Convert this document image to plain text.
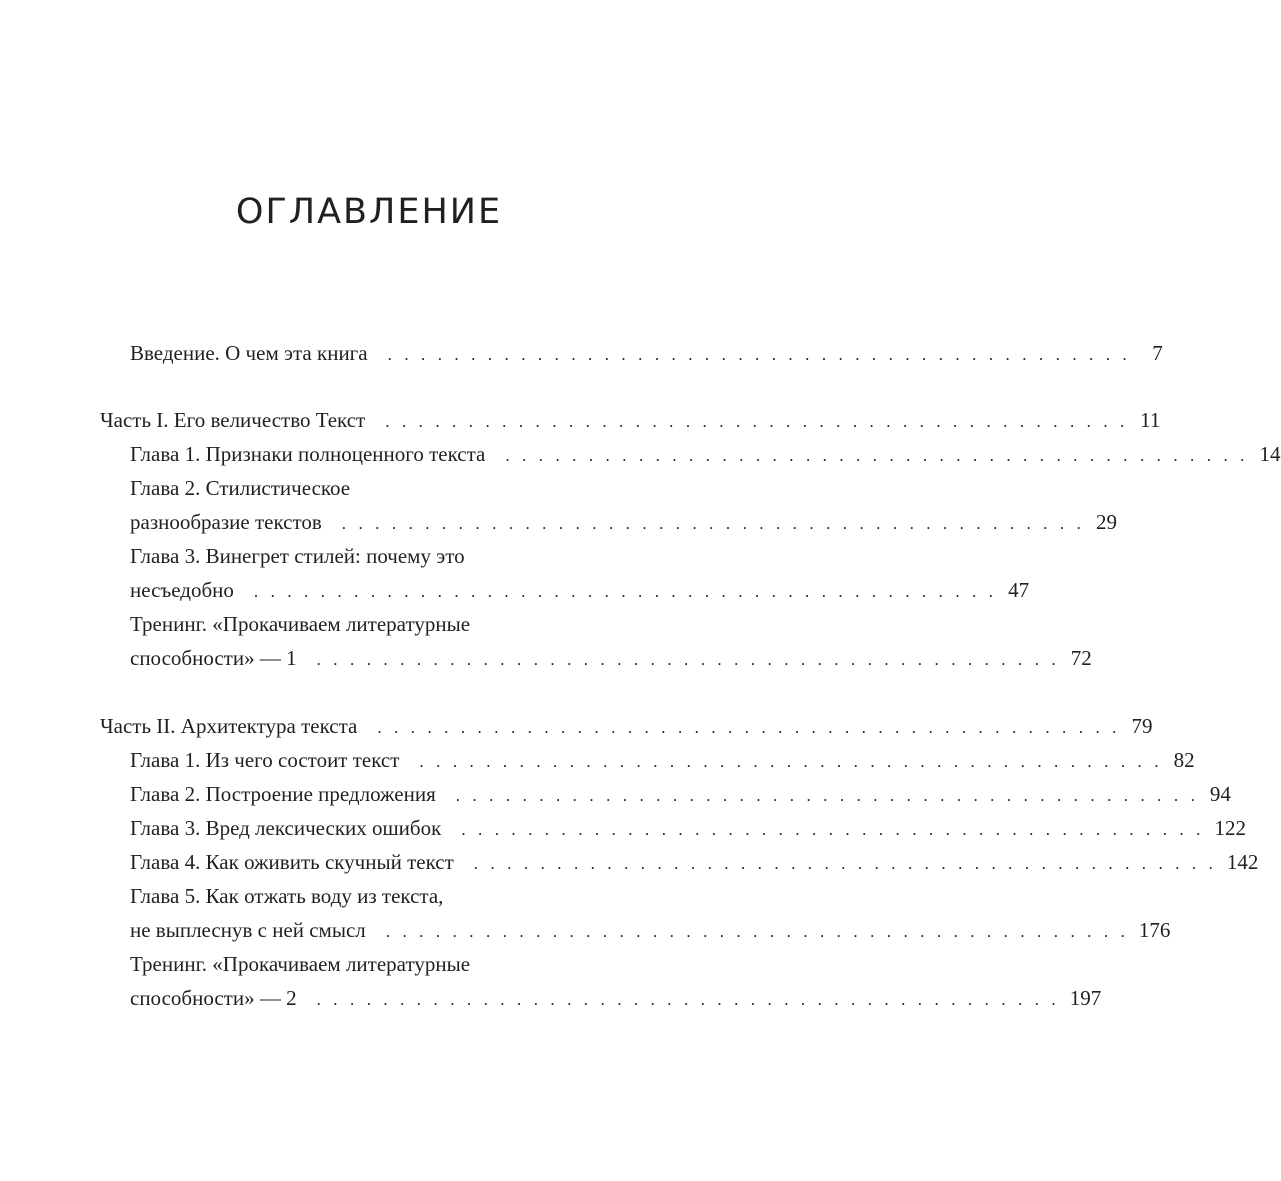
ОГЛАВЛЕНИЕ
Введение. О чем эта книга . . . . . . . . . . . . . . . . . . . . . . . . . . . . . . . . . . . . . . . . . . . . .	7
Часть I. Его величество Текст . . . . . . . . . . . . . . . . . . . . . . . . . . . . . . . . . . . . . . . . . . . . . 11
Глава 1. Признаки полноценного текста . . . . . . . . . . . . . . . . . . . . . . . . . . . . . . . . . . . . . . . . . . . . . 14
Глава 2. Стилистическое
разнообразие текстов . . . . . . . . . . . . . . . . . . . . . . . . . . . . . . . . . . . . . . . . . . . . . 29
Глава 3. Винегрет стилей: почему это
несъедобно . . . . . . . . . . . . . . . . . . . . . . . . . . . . . . . . . . . . . . . . . . . . . 47
Тренинг. «Прокачиваем литературные
способности» — 1 . . . . . . . . . . . . . . . . . . . . . . . . . . . . . . . . . . . . . . . . . . . . . 72
Часть II. Архитектура текста . . . . . . . . . . . . . . . . . . . . . . . . . . . . . . . . . . . . . . . . . . . . . 79
Глава 1. Из чего состоит текст . . . . . . . . . . . . . . . . . . . . . . . . . . . . . . . . . . . . . . . . . . . . . 82
Глава 2. Построение предложения . . . . . . . . . . . . . . . . . . . . . . . . . . . . . . . . . . . . . . . . . . . . . 94
Глава 3. Вред лексических ошибок . . . . . . . . . . . . . . . . . . . . . . . . . . . . . . . . . . . . . . . . . . . . . 122
Глава 4. Как оживить скучный текст . . . . . . . . . . . . . . . . . . . . . . . . . . . . . . . . . . . . . . . . . . . . . 142
Глава 5. Как отжать воду из текста,
не выплеснув с ней смысл . . . . . . . . . . . . . . . . . . . . . . . . . . . . . . . . . . . . . . . . . . . . . 176
Тренинг. «Прокачиваем литературные
способности» — 2 . . . . . . . . . . . . . . . . . . . . . . . . . . . . . . . . . . . . . . . . . . . . . 197
